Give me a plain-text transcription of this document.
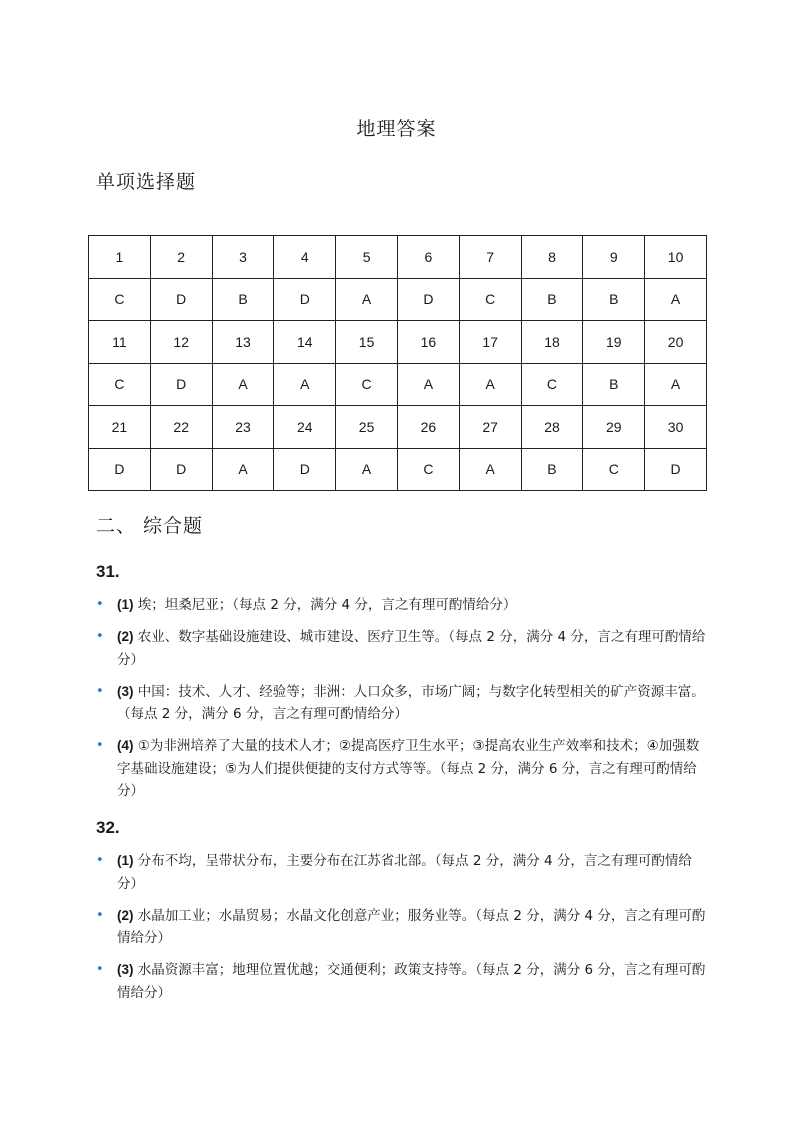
地理答案
单项选择题
1	2	3	4	5	6	7	8	9	10
C	D	B	D	A	D	C	B	B	A
11	12	13	14	15	16	17	18	19	20
C	D	A	A	C	A	A	C	B	A
21	22	23	24	25	26	27	28	29	30
D	D	A	D	A	C	A	B	C	D
二、 综合题
31.
• (1) 埃；坦桑尼亚；（每点 2 分，满分 4 分，言之有理可酌情给分）
• (2) 农业、数字基础设施建设、城市建设、医疗卫生等。（每点 2 分，满分 4 分，言之有理可酌情给分）
• (3) 中国：技术、人才、经验等；非洲：人口众多，市场广阔；与数字化转型相关的矿产资源丰富。（每点 2 分，满分 6 分，言之有理可酌情给分）
• (4) ①为非洲培养了大量的技术人才；②提高医疗卫生水平；③提高农业生产效率和技术；④加强数字基础设施建设；⑤为人们提供便捷的支付方式等等。（每点 2 分，满分 6 分，言之有理可酌情给分）
32.
• (1) 分布不均，呈带状分布，主要分布在江苏省北部。（每点 2 分，满分 4 分，言之有理可酌情给分）
• (2) 水晶加工业；水晶贸易；水晶文化创意产业；服务业等。（每点 2 分，满分 4 分，言之有理可酌情给分）
• (3) 水晶资源丰富；地理位置优越；交通便利；政策支持等。（每点 2 分，满分 6 分，言之有理可酌情给分）
